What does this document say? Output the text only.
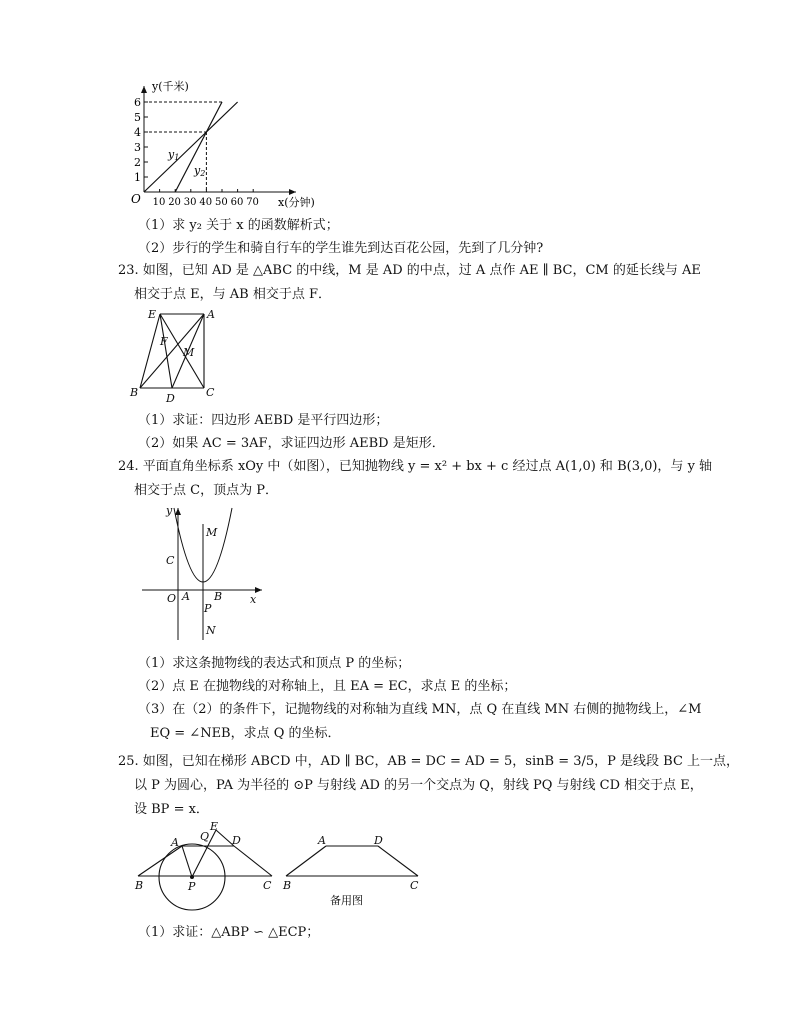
y(千米)
x(分钟)
O
1
2
3
4
5
6
10 20 30 40 50 60 70
y1
y2
（1）求 y₂ 关于 x 的函数解析式；
（2）步行的学生和骑自行车的学生谁先到达百花公园，先到了几分钟?
23. 如图，已知 AD 是 △ABC 的中线，M 是 AD 的中点，过 A 点作 AE ∥ BC，CM 的延长线与 AE
相交于点 E，与 AB 相交于点 F．
E	A
F
M
B	D	C
（1）求证：四边形 AEBD 是平行四边形；
（2）如果 AC = 3AF，求证四边形 AEBD 是矩形．
24. 平面直角坐标系 xOy 中（如图），已知抛物线 y = x² + bx + c 经过点 A(1,0) 和 B(3,0)，与 y 轴
相交于点 C，顶点为 P．
y
x
O A B
C
M
N
P
（1）求这条抛物线的表达式和顶点 P 的坐标；
（2）点 E 在抛物线的对称轴上，且 EA = EC，求点 E 的坐标；
（3）在（2）的条件下，记抛物线的对称轴为直线 MN，点 Q 在直线 MN 右侧的抛物线上，∠M
EQ = ∠NEB，求点 Q 的坐标．
25. 如图，已知在梯形 ABCD 中，AD ∥ BC，AB = DC = AD = 5，sinB = 3/5，P 是线段 BC 上一点，
以 P 为圆心，PA 为半径的 ⊙P 与射线 AD 的另一个交点为 Q，射线 PQ 与射线 CD 相交于点 E，
设 BP = x．
A Q
E
D
B	P	C
A	D
B	C
备用图
（1）求证：△ABP ∽ △ECP；
